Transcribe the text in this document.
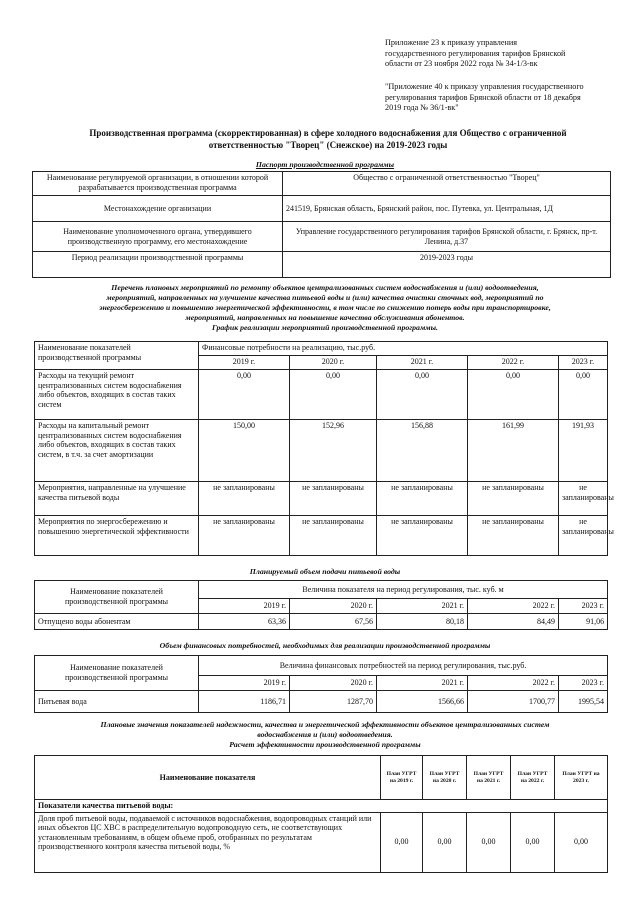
Приложение 23 к приказу управления

государственного регулирования тарифов Брянской

области от 23 ноября 2022 года № 34-1/3-вк

"Приложение 40 к приказу управления государственного

регулирования тарифов Брянской области от 18 декабря

2019 года № 36/1-вк"

Производственная программа (скорректированная) в сфере холодного водоснабжения для Общество с ограниченной
ответственностью "Творец" (Снежское) на 2019-2023 годы
Паспорт производственной программы
Наименование регулируемой организации, в отношении которой разрабатывается производственная программа	Общество с ограниченной ответственностью "Творец"
Местонахождение организации	241519, Брянская область, Брянский район, пос. Путевка, ул. Центральная, 1Д
Наименование уполномоченного органа, утвердившего производственную программу, его местонахождение	Управление государственного регулирования тарифов Брянской области, г. Брянск, пр-т. Ленина, д.37
Период реализации производственной программы	2019-2023 годы
Перечень плановых мероприятий по ремонту объектов централизованных систем водоснабжения и (или) водоотведения,
мероприятий, направленных на улучшение качества питьевой воды и (или) качества очистки сточных вод, мероприятий по
энергосбережению и повышению энергетической эффективности, в том числе по снижению потерь воды при транспортировке,
мероприятий, направленных на повышение качества обслуживания абонентов.
График реализации мероприятий производственной программы.
Наименование показателей производственной программы	Финансовые потребности на реализацию, тыс.руб.				
	2019 г.	2020 г.	2021 г.	2022 г.	2023 г.
Расходы на текущий ремонт централизованных систем водоснабжения либо объектов, входящих в состав таких систем	0,00	0,00	0,00	0,00	0,00
Расходы на капитальный ремонт централизованных систем водоснабжения либо объектов, входящих в состав таких систем, в т.ч. за счет амортизации	150,00	152,96	156,88	161,99	191,93
Мероприятия, направленные на улучшение качества питьевой воды	не запланированы	не запланированы	не запланированы	не запланированы	не запланированы
Мероприятия по энергосбережению и повышению энергетической эффективности	не запланированы	не запланированы	не запланированы	не запланированы	не запланированы
Планируемый объем подачи питьевой воды
Наименование показателей производственной программы	Величина показателя на период регулирования, тыс. куб. м				
	2019 г.	2020 г.	2021 г.	2022 г.	2023 г.
Отпущено воды абонентам	63,36	67,56	80,18	84,49	91,06
Объем финансовых потребностей, необходимых для реализации производственной программы
Наименование показателей производственной программы	Величина финансовых потребностей на период регулирования, тыс.руб.				
	2019 г.	2020 г.	2021 г.	2022 г.	2023 г.
Питьевая вода	1186,71	1287,70	1566,66	1700,77	1995,54
Плановые значения показателей надежности, качества и энергетической эффективности объектов централизованных систем
водоснабжения и (или) водоотведения.
Расчет эффективности производственной программы
Наименование показателя	План УГРТ на 2019 г.	План УГРТ на 2020 г.	План УГРТ на 2021 г.	План УГРТ на 2022 г.	План УГРТ на 2023 г.
Показатели качества питьевой воды:					
Доля проб питьевой воды, подаваемой с источников водоснабжения, водопроводных станций или иных объектов ЦС ХВС в распределительную водопроводную сеть, не соответствующих установленным требованиям, в общем объеме проб, отобранных по результатам производственного контроля качества питьевой воды, %	0,00	0,00	0,00	0,00	0,00
